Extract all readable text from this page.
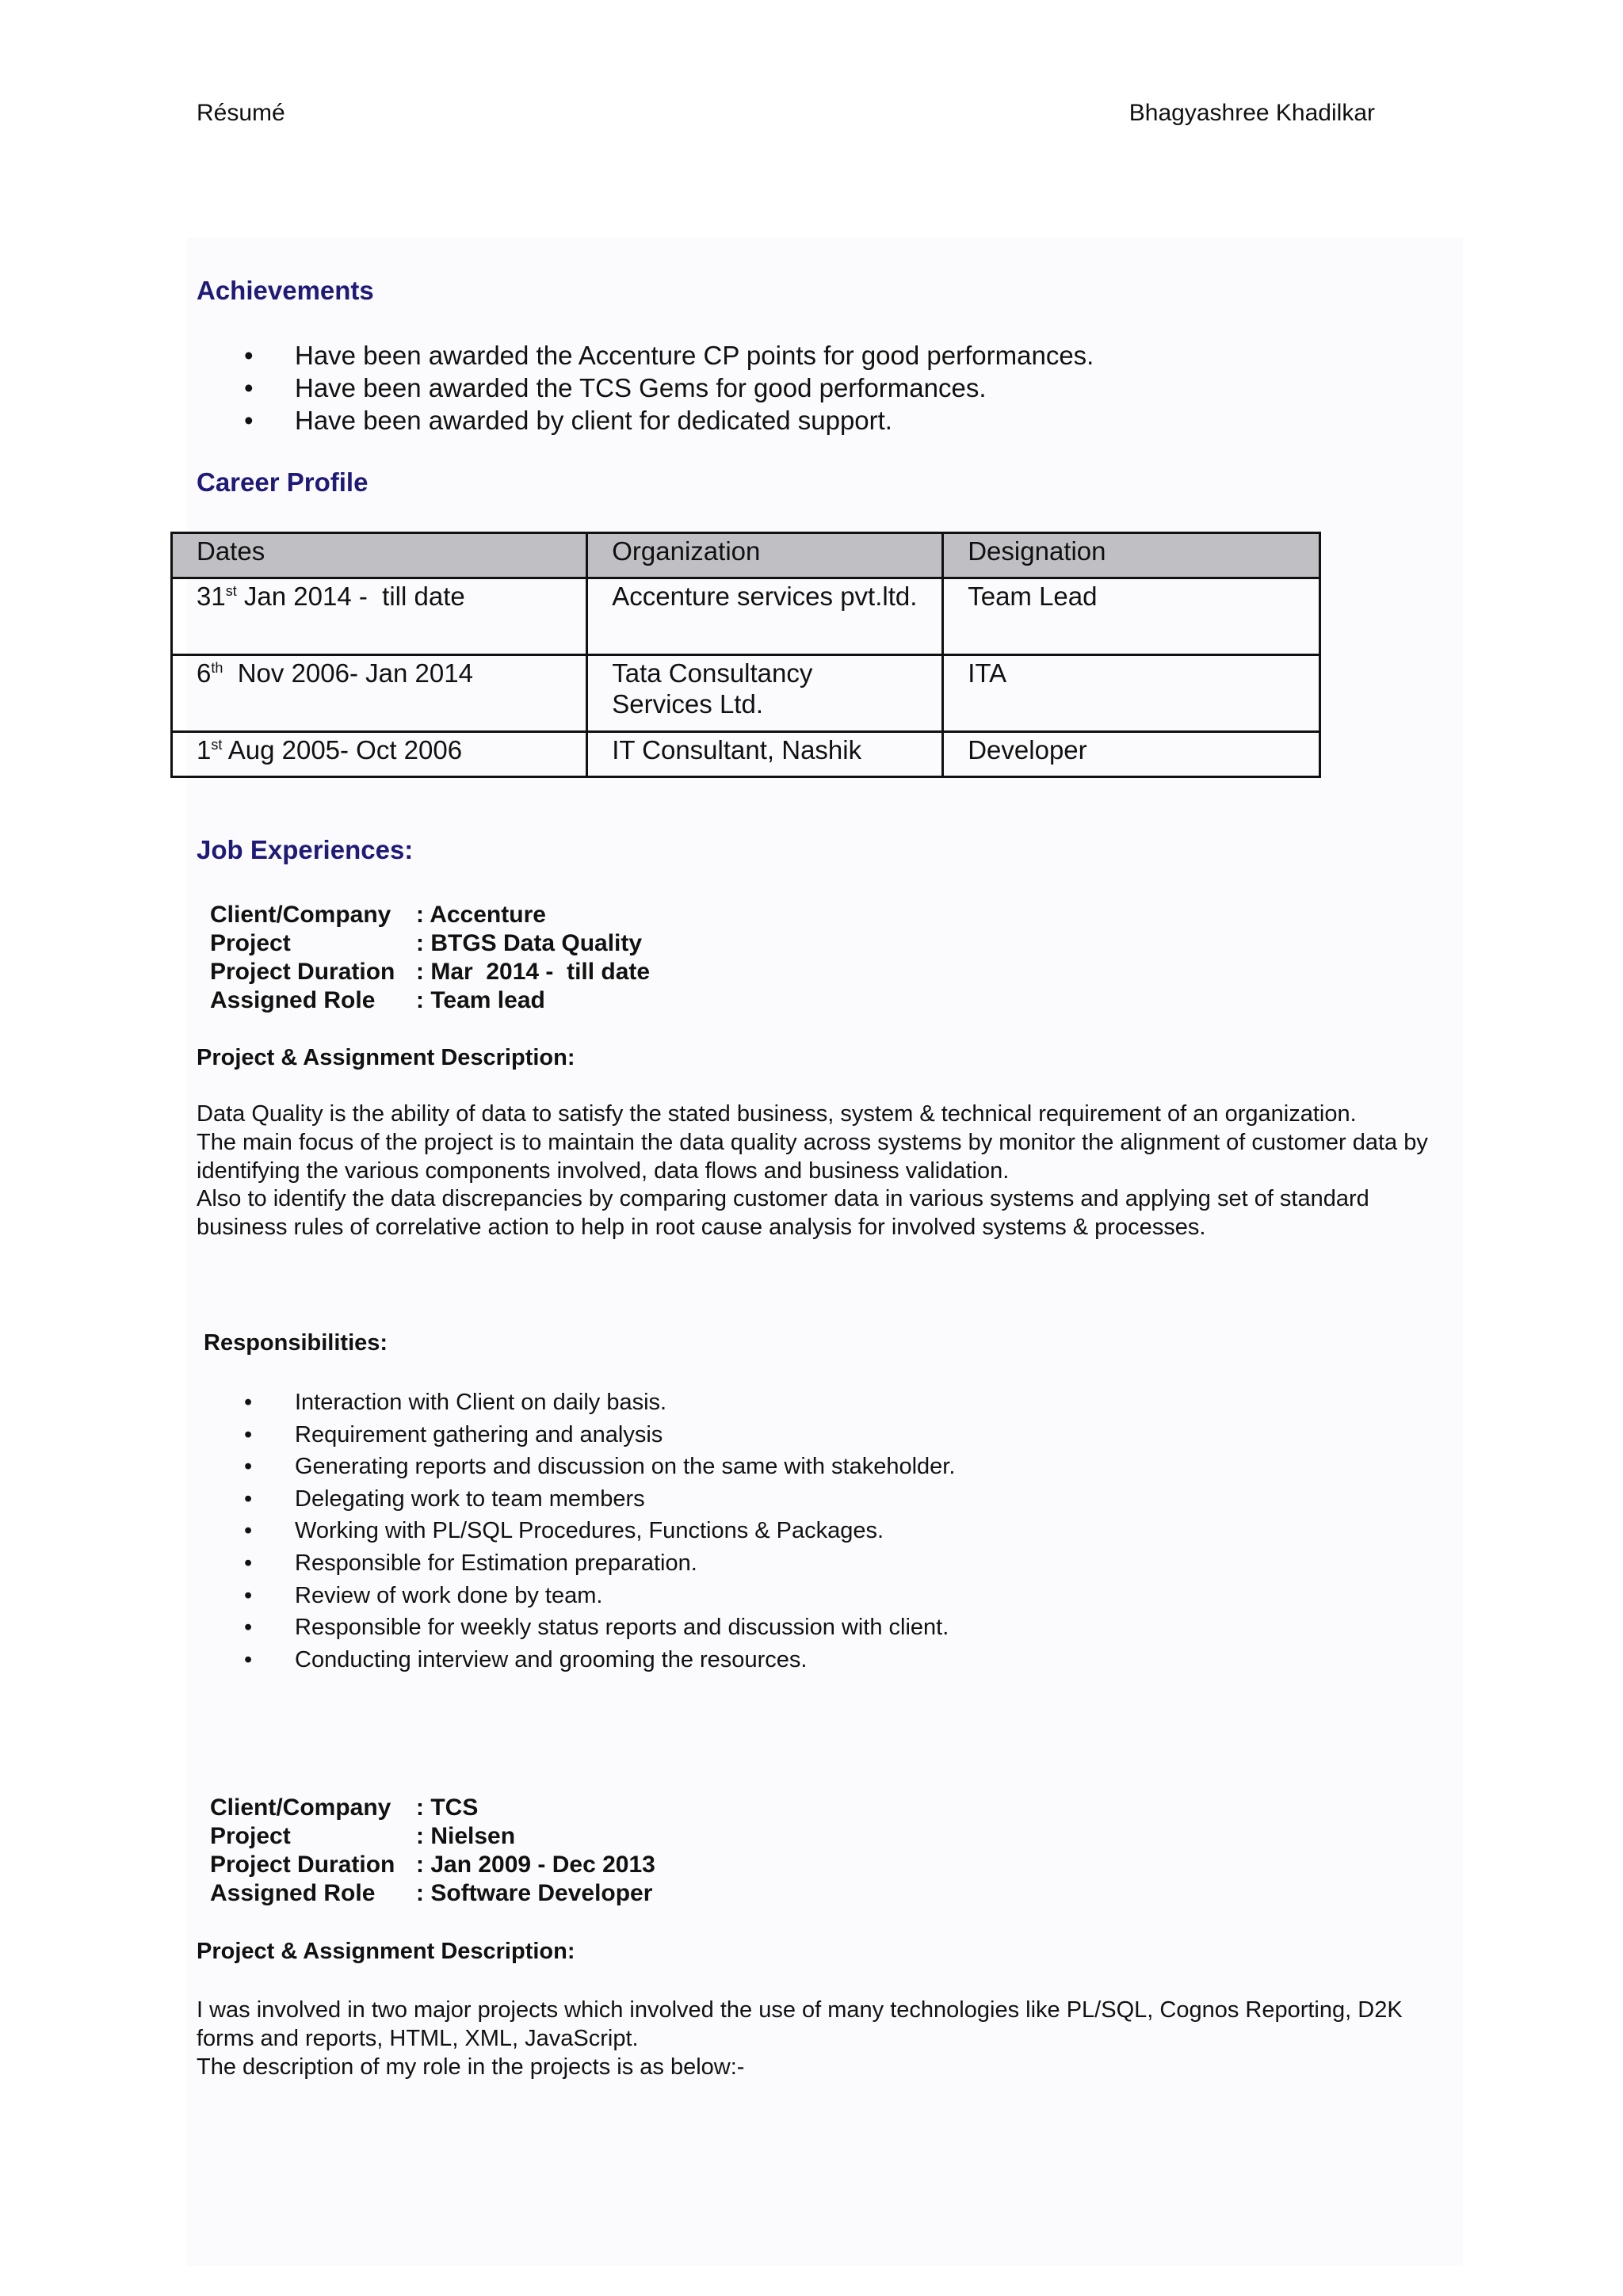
Résumé	Bhagyashree Khadilkar
Achievements
• Have been awarded the Accenture CP points for good performances.
• Have been awarded the TCS Gems for good performances.
• Have been awarded by client for dedicated support.
Career Profile
Dates	Organization	Designation
31st Jan 2014 -  till date	Accenture services pvt.ltd.	Team Lead
6th  Nov 2006- Jan 2014	Tata Consultancy Services Ltd.	ITA
1st Aug 2005- Oct 2006	IT Consultant, Nashik	Developer
Job Experiences:
Client/Company : Accenture
Project	: BTGS Data Quality
Project Duration : Mar  2014 -  till date
Assigned Role : Team lead
Project & Assignment Description:

Data Quality is the ability of data to satisfy the stated business, system & technical requirement of an organization.

The main focus of the project is to maintain the data quality across systems by monitor the alignment of customer data by identifying the various components involved, data flows and business validation.

Also to identify the data discrepancies by comparing customer data in various systems and applying set of standard business rules of correlative action to help in root cause analysis for involved systems & processes.

Responsibilities:
• Interaction with Client on daily basis.
• Requirement gathering and analysis
• Generating reports and discussion on the same with stakeholder.
• Delegating work to team members
• Working with PL/SQL Procedures, Functions & Packages.
• Responsible for Estimation preparation.
• Review of work done by team.
• Responsible for weekly status reports and discussion with client.
• Conducting interview and grooming the resources.
Client/Company : TCS
Project	: Nielsen
Project Duration : Jan 2009 - Dec 2013
Assigned Role : Software Developer
Project & Assignment Description:

I was involved in two major projects which involved the use of many technologies like PL/SQL, Cognos Reporting, D2K forms and reports, HTML, XML, JavaScript.

The description of my role in the projects is as below:-
